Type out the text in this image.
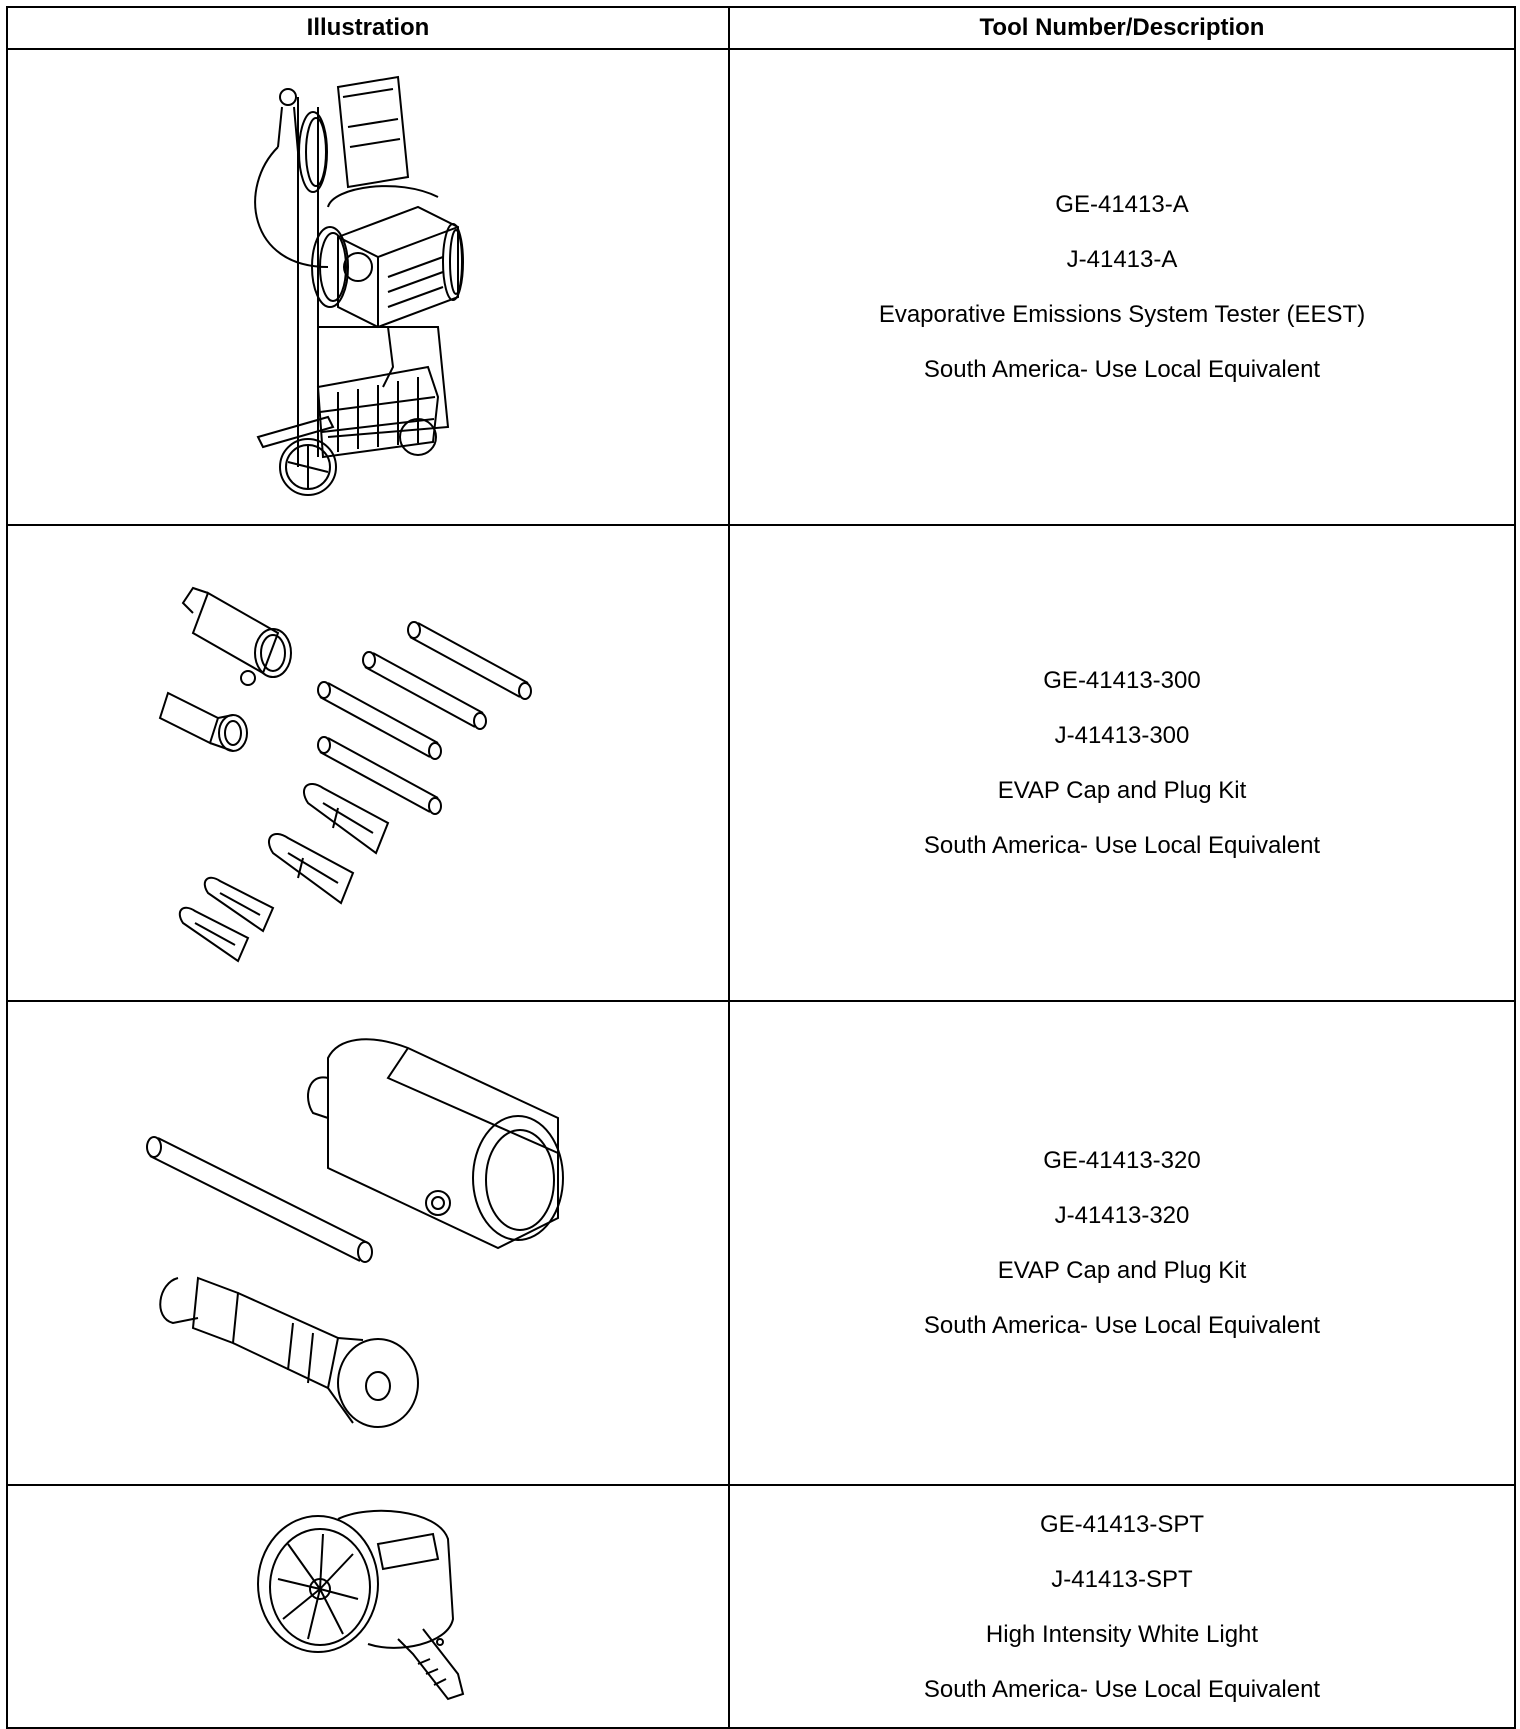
Illustration	Tool Number/Description

GE-41413-A
J-41413-A
Evaporative Emissions System Tester (EEST)
South America- Use Local Equivalent

GE-41413-300
J-41413-300
EVAP Cap and Plug Kit
South America- Use Local Equivalent

GE-41413-320
J-41413-320
EVAP Cap and Plug Kit
South America- Use Local Equivalent

GE-41413-SPT
J-41413-SPT
High Intensity White Light
South America- Use Local Equivalent
